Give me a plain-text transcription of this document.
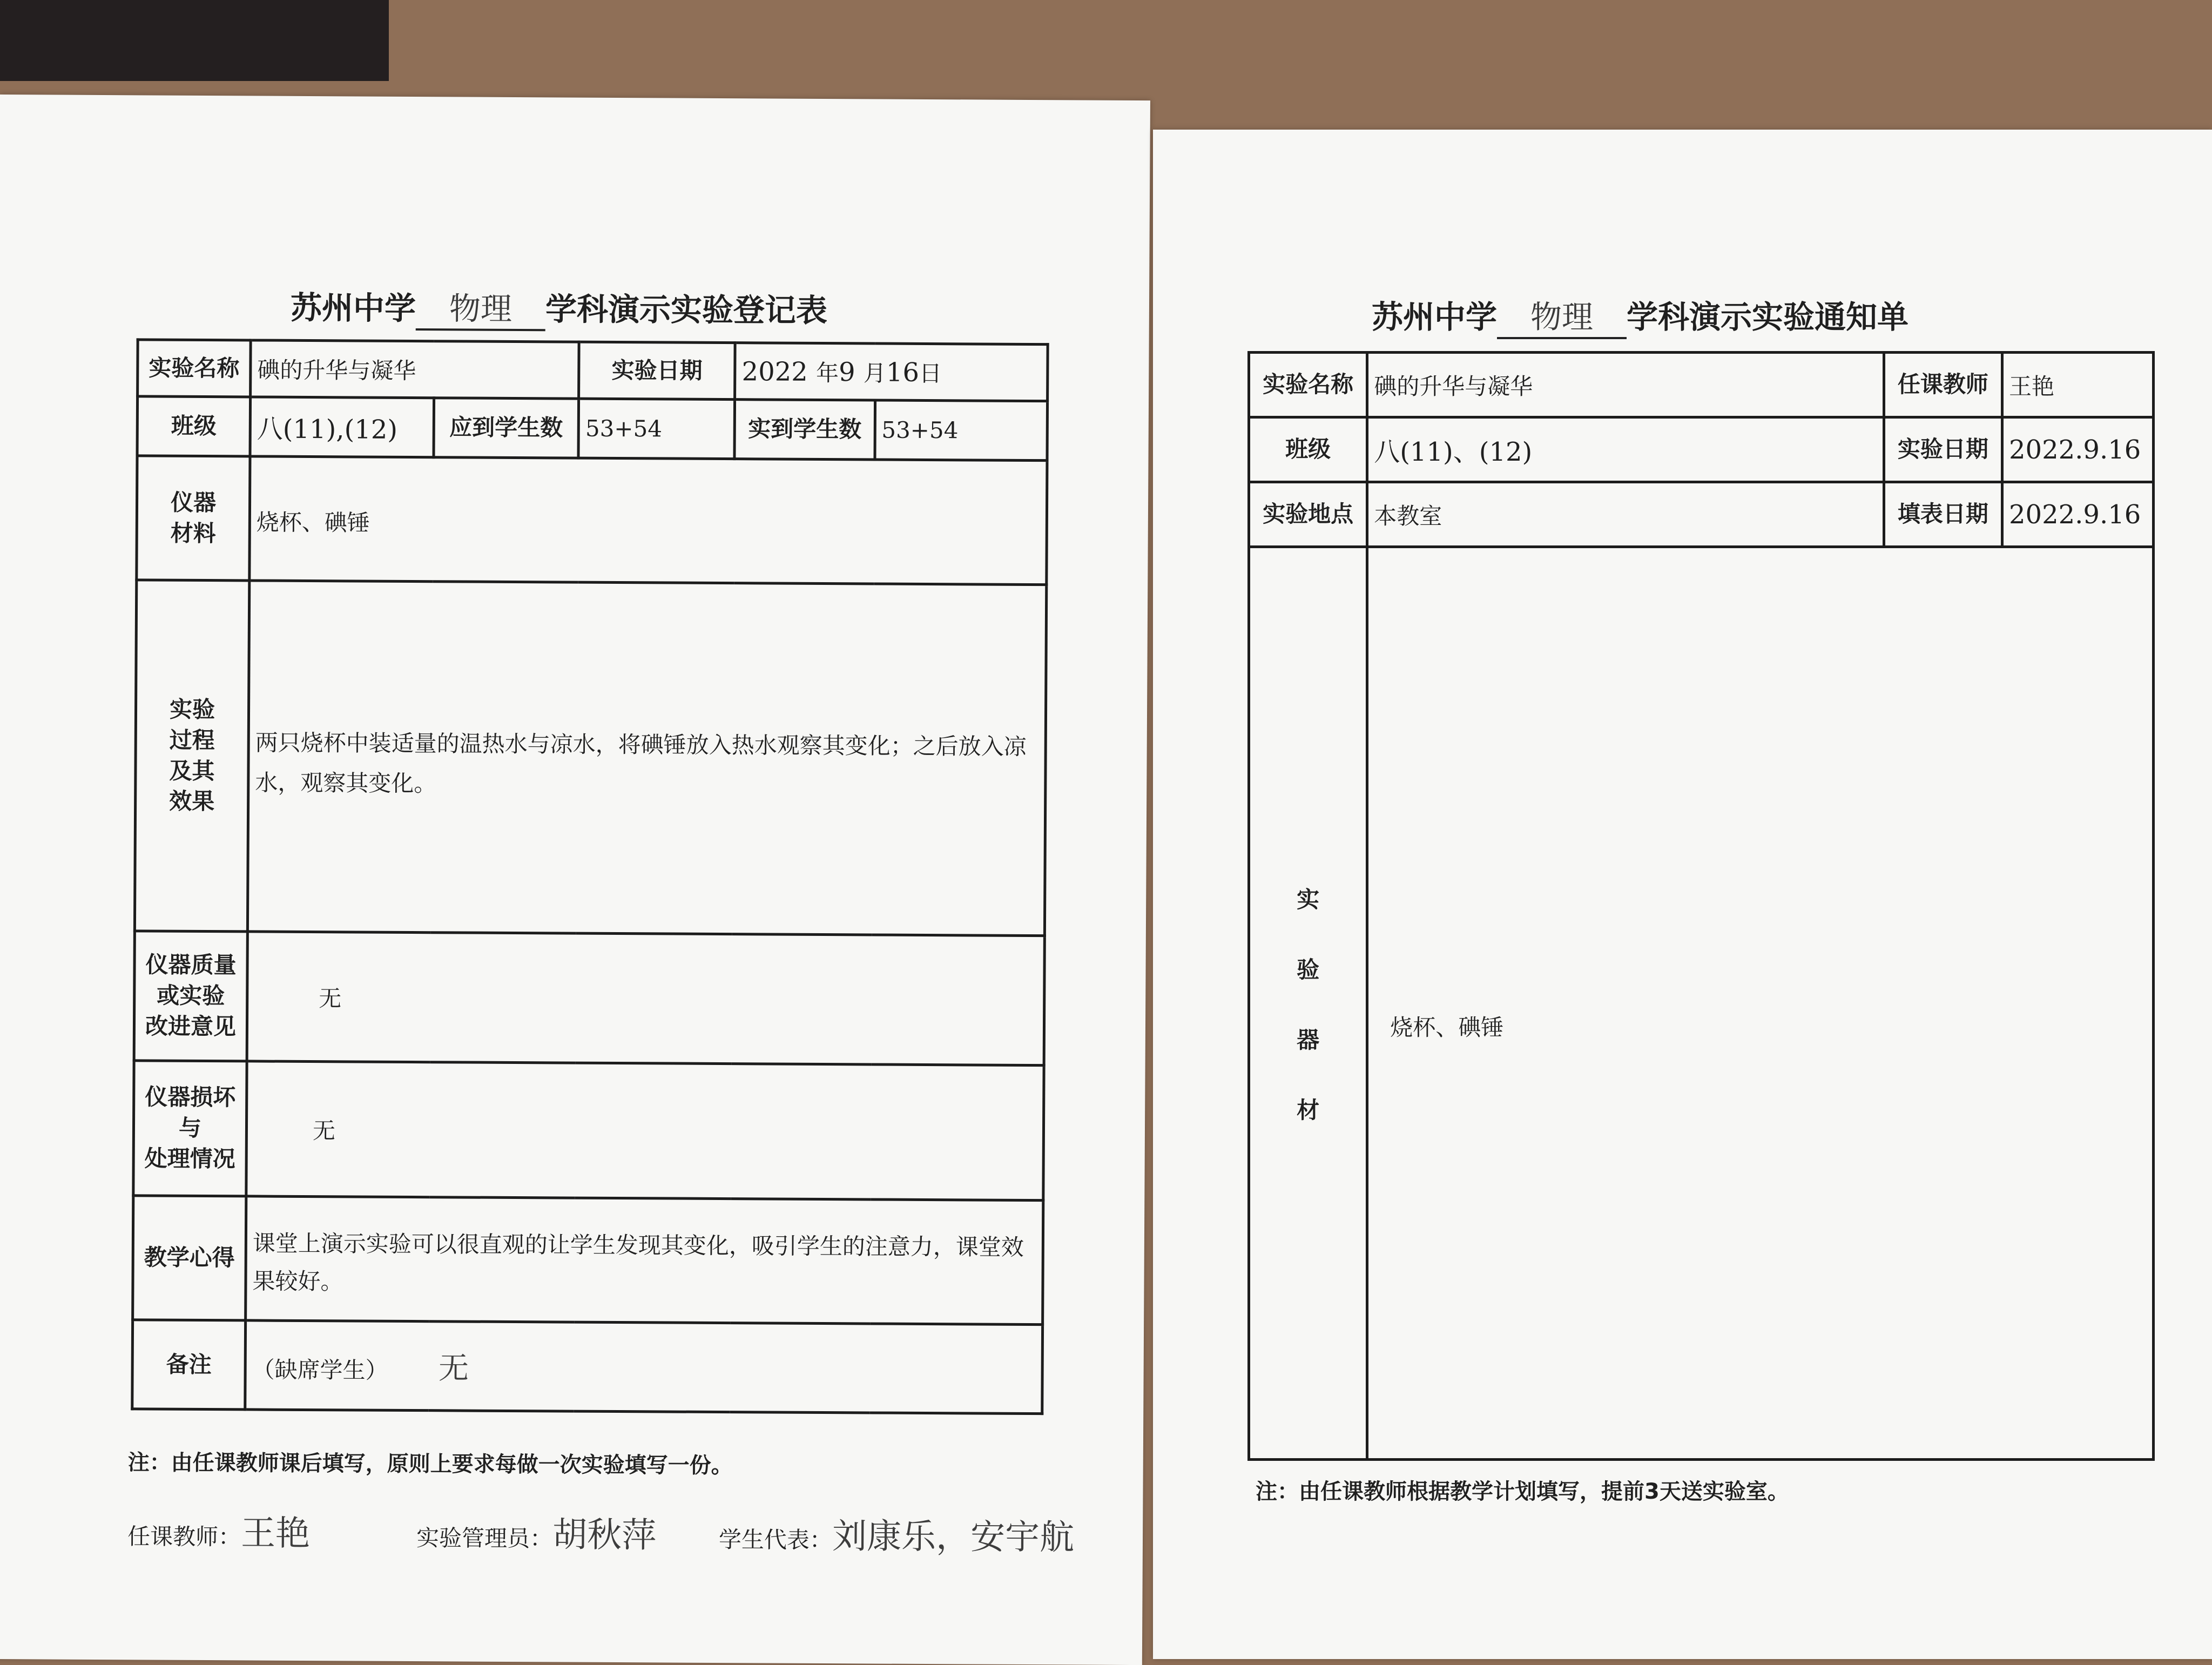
苏州中学 物理 学科演示实验登记表
实验名称	碘的升华与凝华		实验日期	2022 年9 月16日	
班级	八(11),(12)	应到学生数	53+54	实到学生数	53+54
仪器
材料	烧杯、碘锤				
实验
过程
及其
效果	两只烧杯中装适量的温热水与凉水，将碘锤放入热水观察其变化；之后放入凉水，观察其变化。				
仪器质量
或实验
改进意见	无				
仪器损坏
与
处理情况	无				
教学心得	课堂上演示实验可以很直观的让学生发现其变化，吸引学生的注意力，课堂效果较好。				
备注	（缺席学生） 无				
注：由任课教师课后填写，原则上要求每做一次实验填写一份。
任课教师：王艳	实验管理员：胡秋萍	学生代表：刘康乐，安宇航
苏州中学 物理 学科演示实验通知单
实验名称	碘的升华与凝华	任课教师	王艳
班级	八(11)、(12)	实验日期	2022.9.16
实验地点	本教室	填表日期	2022.9.16

实
验
器
材	烧杯、碘锤		
注：由任课教师根据教学计划填写，提前3天送实验室。
